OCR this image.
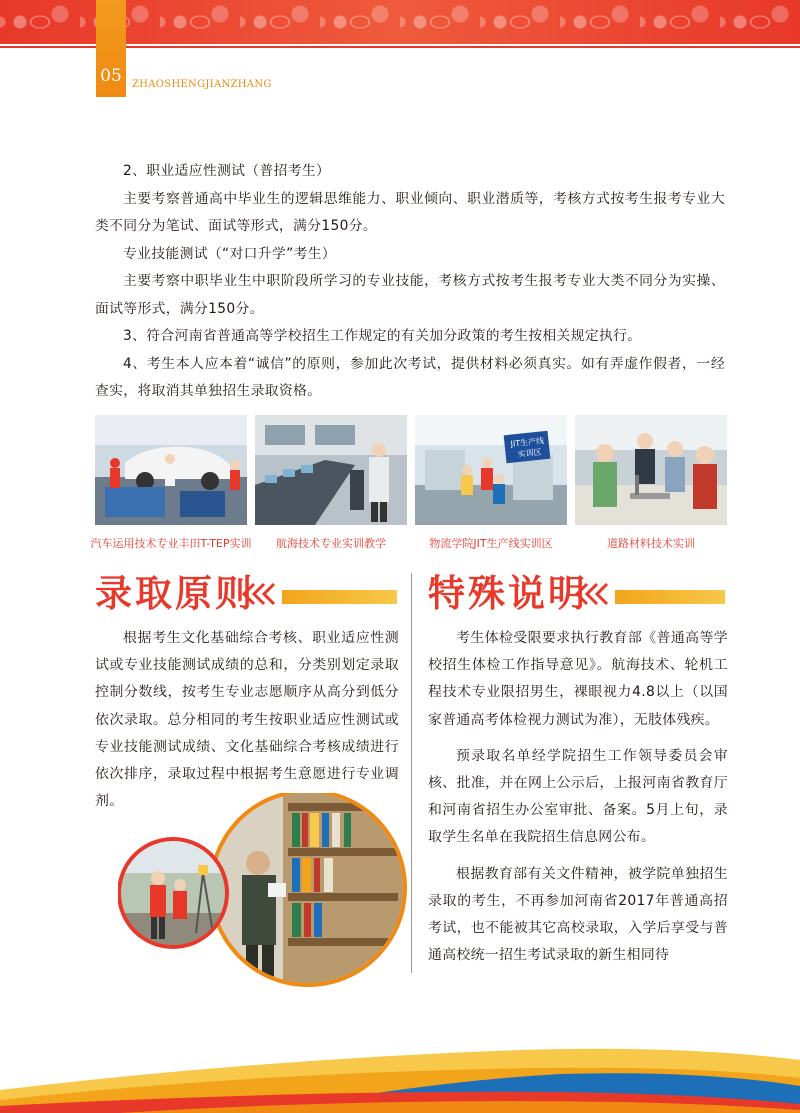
05	ZHAOSHENGJIANZHANG

2、职业适应性测试（普招考生）

主要考察普通高中毕业生的逻辑思维能力、职业倾向、职业潜质等，考核方式按考生报考专业大类不同分为笔试、面试等形式，满分150分。

专业技能测试（“对口升学”考生）

主要考察中职毕业生中职阶段所学习的专业技能，考核方式按考生报考专业大类不同分为实操、面试等形式，满分150分。

3、符合河南省普通高等学校招生工作规定的有关加分政策的考生按相关规定执行。

4、考生本人应本着“诚信”的原则，参加此次考试，提供材料必须真实。如有弄虚作假者，一经查实，将取消其单独招生录取资格。

JIT生产线
实训区
汽车运用技术专业丰田T-TEP实训	航海技术专业实训教学	物流学院JIT生产线实训区	道路材料技术实训
录取原则	特殊说明

根据考生文化基础综合考核、职业适应性测试或专业技能测试成绩的总和，分类别划定录取控制分数线，按考生专业志愿顺序从高分到低分依次录取。总分相同的考生按职业适应性测试或专业技能测试成绩、文化基础综合考核成绩进行依次排序，录取过程中根据考生意愿进行专业调剂。

考生体检受限要求执行教育部《普通高等学校招生体检工作指导意见》。航海技术、轮机工程技术专业限招男生，裸眼视力4.8以上（以国家普通高考体检视力测试为准），无肢体残疾。

预录取名单经学院招生工作领导委员会审核、批准，并在网上公示后，上报河南省教育厅和河南省招生办公室审批、备案。5月上旬，录取学生名单在我院招生信息网公布。

根据教育部有关文件精神，被学院单独招生录取的考生，不再参加河南省2017年普通高招考试，也不能被其它高校录取，入学后享受与普通高校统一招生考试录取的新生相同待
